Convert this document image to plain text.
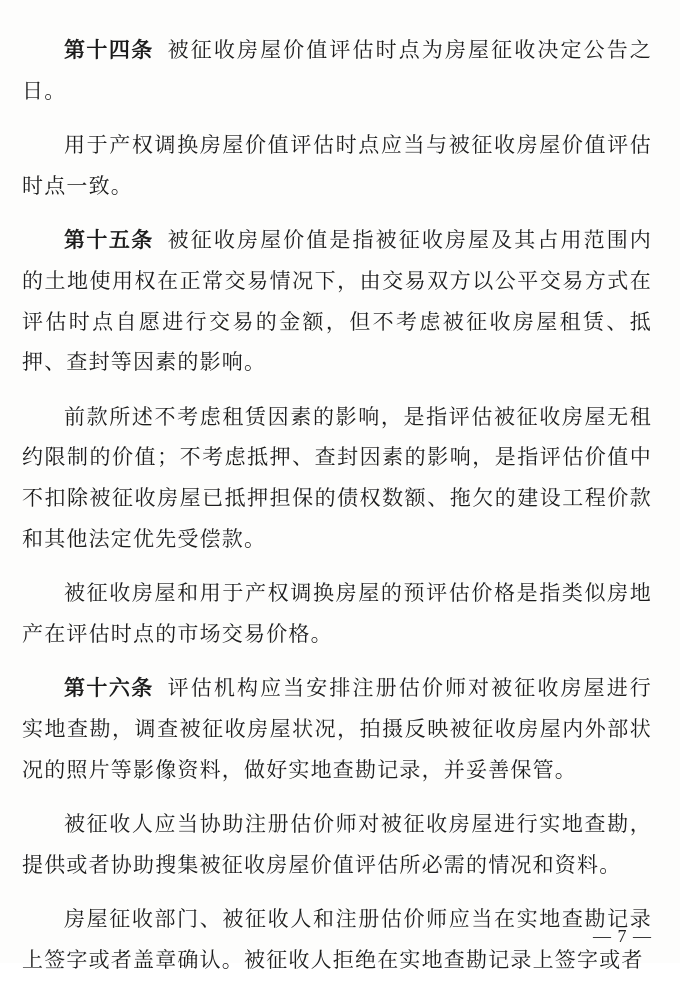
第十四条 被征收房屋价值评估时点为房屋征收决定公告之日。

用于产权调换房屋价值评估时点应当与被征收房屋价值评估时点一致。

第十五条 被征收房屋价值是指被征收房屋及其占用范围内的土地使用权在正常交易情况下，由交易双方以公平交易方式在评估时点自愿进行交易的金额，但不考虑被征收房屋租赁、抵押、查封等因素的影响。

前款所述不考虑租赁因素的影响，是指评估被征收房屋无租约限制的价值；不考虑抵押、查封因素的影响，是指评估价值中不扣除被征收房屋已抵押担保的债权数额、拖欠的建设工程价款和其他法定优先受偿款。

被征收房屋和用于产权调换房屋的预评估价格是指类似房地产在评估时点的市场交易价格。

第十六条 评估机构应当安排注册估价师对被征收房屋进行实地查勘，调查被征收房屋状况，拍摄反映被征收房屋内外部状况的照片等影像资料，做好实地查勘记录，并妥善保管。

被征收人应当协助注册估价师对被征收房屋进行实地查勘，提供或者协助搜集被征收房屋价值评估所必需的情况和资料。

房屋征收部门、被征收人和注册估价师应当在实地查勘记录上签字或者盖章确认。被征收人拒绝在实地查勘记录上签字或者

— 7 —
